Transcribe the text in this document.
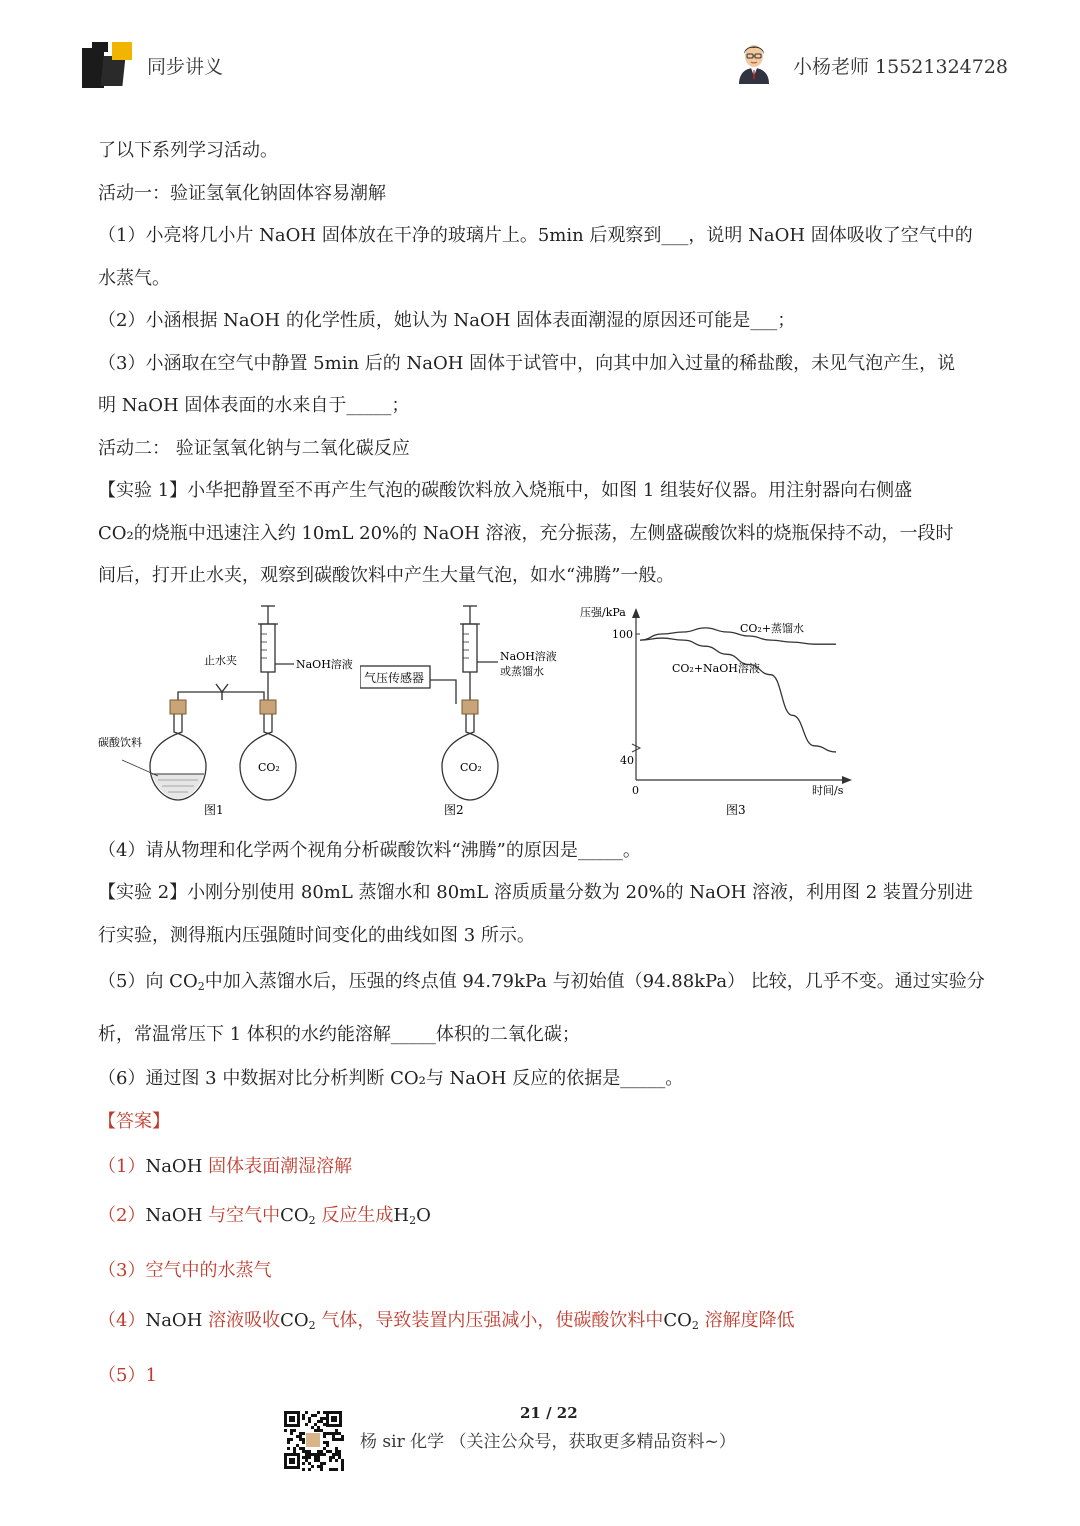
同步讲义	小杨老师 15521324728

了以下系列学习活动。

活动一：验证氢氧化钠固体容易潮解

（1）小亮将几小片 NaOH 固体放在干净的玻璃片上。5min 后观察到___，说明 NaOH 固体吸收了空气中的

水蒸气。

（2）小涵根据 NaOH 的化学性质，她认为 NaOH 固体表面潮湿的原因还可能是___；

（3）小涵取在空气中静置 5min 后的 NaOH 固体于试管中，向其中加入过量的稀盐酸，未见气泡产生，说

明 NaOH 固体表面的水来自于_____；

活动二： 验证氢氧化钠与二氧化碳反应

【实验 1】小华把静置至不再产生气泡的碳酸饮料放入烧瓶中，如图 1 组装好仪器。用注射器向右侧盛

CO₂的烧瓶中迅速注入约 10mL 20%的 NaOH 溶液，充分振荡，左侧盛碳酸饮料的烧瓶保持不动，一段时

间后，打开止水夹，观察到碳酸饮料中产生大量气泡，如水“沸腾”一般。

止水夹	NaOH溶液
碳酸饮料
CO₂
图1
气压传感器
NaOH溶液
或蒸馏水
CO₂
图2
压强/kPa
100
40
0	时间/s
CO₂+蒸馏水
CO₂+NaOH溶液
图3

（4）请从物理和化学两个视角分析碳酸饮料“沸腾”的原因是_____。

【实验 2】小刚分别使用 80mL 蒸馏水和 80mL 溶质质量分数为 20%的 NaOH 溶液，利用图 2 装置分别进

行实验，测得瓶内压强随时间变化的曲线如图 3 所示。

（5）向 $CO_2$中加入蒸馏水后，压强的终点值 94.79kPa 与初始值（94.88kPa） 比较，几乎不变。通过实验分

析，常温常压下 1 体积的水约能溶解_____体积的二氧化碳；

（6）通过图 3 中数据对比分析判断 CO₂与 NaOH 反应的依据是_____。

【答案】

（1）NaOH 固体表面潮湿溶解

（2）NaOH 与空气中$CO_2$ 反应生成$H_2O$

（3）空气中的水蒸气

（4）NaOH 溶液吸收$CO_2$ 气体，导致装置内压强减小，使碳酸饮料中$CO_2$ 溶解度降低

（5）1

21 / 22
杨 sir 化学 （关注公众号，获取更多精品资料~）
